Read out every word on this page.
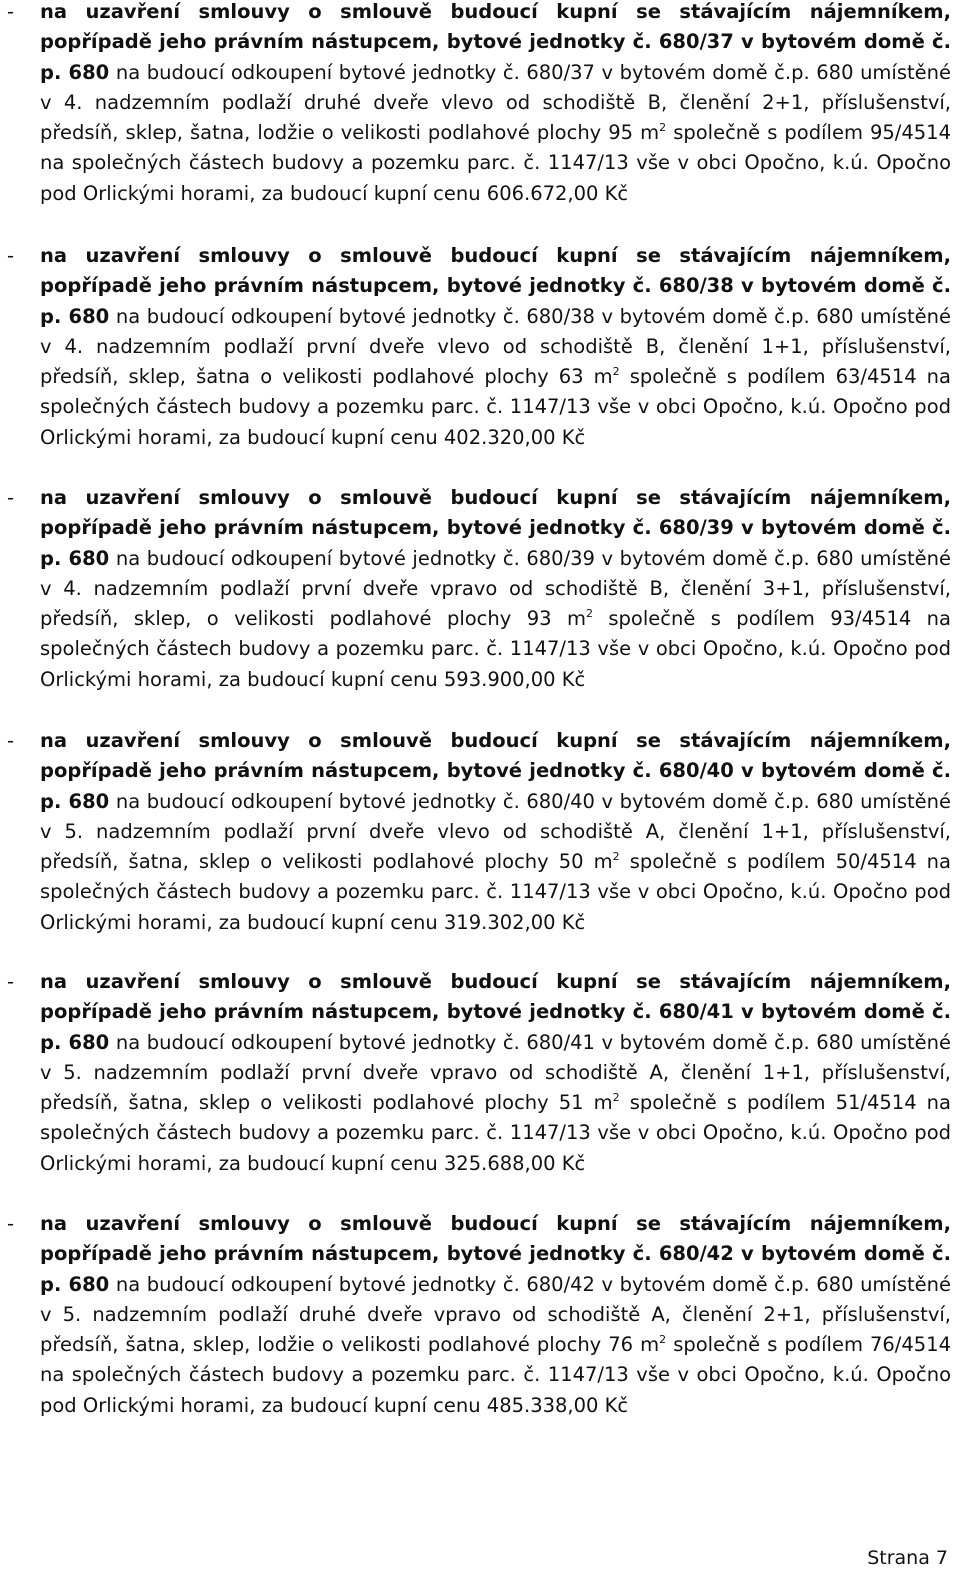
-	na uzavření smlouvy o smlouvě budoucí kupní se stávajícím nájemníkem, popřípadě jeho právním nástupcem, bytové jednotky č. 680/37 v bytovém domě č. p. 680 na budoucí odkoupení bytové jednotky č. 680/37 v bytovém domě č.p. 680 umístěné v 4. nadzemním podlaží druhé dveře vlevo od schodiště B, členění 2+1, příslušenství, předsíň, sklep, šatna, lodžie o velikosti podlahové plochy 95 $m^2$ společně s podílem 95/4514 na společných částech budovy a pozemku parc. č. 1147/13 vše v obci Opočno, k.ú. Opočno pod Orlickými horami, za budoucí kupní cenu 606.672,00 Kč
-	na uzavření smlouvy o smlouvě budoucí kupní se stávajícím nájemníkem, popřípadě jeho právním nástupcem, bytové jednotky č. 680/38 v bytovém domě č. p. 680 na budoucí odkoupení bytové jednotky č. 680/38 v bytovém domě č.p. 680 umístěné v 4. nadzemním podlaží první dveře vlevo od schodiště B, členění 1+1, příslušenství, předsíň, sklep, šatna o velikosti podlahové plochy 63 $m^2$ společně s podílem 63/4514 na společných částech budovy a pozemku parc. č. 1147/13 vše v obci Opočno, k.ú. Opočno pod Orlickými horami, za budoucí kupní cenu 402.320,00 Kč
-	na uzavření smlouvy o smlouvě budoucí kupní se stávajícím nájemníkem, popřípadě jeho právním nástupcem, bytové jednotky č. 680/39 v bytovém domě č. p. 680 na budoucí odkoupení bytové jednotky č. 680/39 v bytovém domě č.p. 680 umístěné v 4. nadzemním podlaží první dveře vpravo od schodiště B, členění 3+1, příslušenství, předsíň, sklep, o velikosti podlahové plochy 93 $m^2$ společně s podílem 93/4514 na společných částech budovy a pozemku parc. č. 1147/13 vše v obci Opočno, k.ú. Opočno pod Orlickými horami, za budoucí kupní cenu 593.900,00 Kč
-	na uzavření smlouvy o smlouvě budoucí kupní se stávajícím nájemníkem, popřípadě jeho právním nástupcem, bytové jednotky č. 680/40 v bytovém domě č. p. 680 na budoucí odkoupení bytové jednotky č. 680/40 v bytovém domě č.p. 680 umístěné v 5. nadzemním podlaží první dveře vlevo od schodiště A, členění 1+1, příslušenství, předsíň, šatna, sklep o velikosti podlahové plochy 50 $m^2$ společně s podílem 50/4514 na společných částech budovy a pozemku parc. č. 1147/13 vše v obci Opočno, k.ú. Opočno pod Orlickými horami, za budoucí kupní cenu 319.302,00 Kč
-	na uzavření smlouvy o smlouvě budoucí kupní se stávajícím nájemníkem, popřípadě jeho právním nástupcem, bytové jednotky č. 680/41 v bytovém domě č. p. 680 na budoucí odkoupení bytové jednotky č. 680/41 v bytovém domě č.p. 680 umístěné v 5. nadzemním podlaží první dveře vpravo od schodiště A, členění 1+1, příslušenství, předsíň, šatna, sklep o velikosti podlahové plochy 51 $m^2$ společně s podílem 51/4514 na společných částech budovy a pozemku parc. č. 1147/13 vše v obci Opočno, k.ú. Opočno pod Orlickými horami, za budoucí kupní cenu 325.688,00 Kč
-	na uzavření smlouvy o smlouvě budoucí kupní se stávajícím nájemníkem, popřípadě jeho právním nástupcem, bytové jednotky č. 680/42 v bytovém domě č. p. 680 na budoucí odkoupení bytové jednotky č. 680/42 v bytovém domě č.p. 680 umístěné v 5. nadzemním podlaží druhé dveře vpravo od schodiště A, členění 2+1, příslušenství, předsíň, šatna, sklep, lodžie o velikosti podlahové plochy 76 $m^2$ společně s podílem 76/4514 na společných částech budovy a pozemku parc. č. 1147/13 vše v obci Opočno, k.ú. Opočno pod Orlickými horami, za budoucí kupní cenu 485.338,00 Kč
Strana 7
